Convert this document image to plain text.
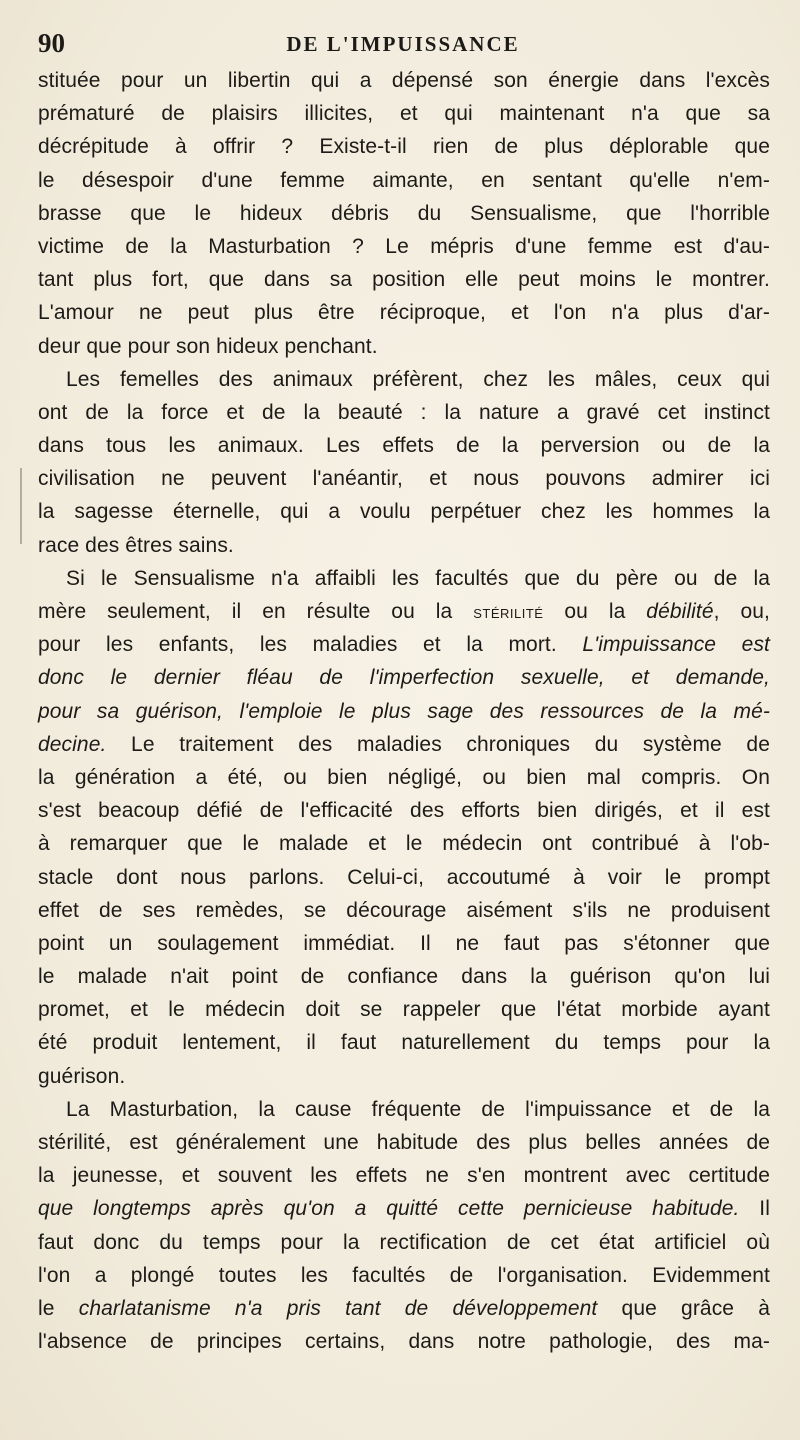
90	DE L'IMPUISSANCE
stituée pour un libertin qui a dépensé son énergie dans l'excès
prématuré de plaisirs illicites, et qui maintenant n'a que sa
décrépitude à offrir ? Existe-t-il rien de plus déplorable que
le désespoir d'une femme aimante, en sentant qu'elle n'em-
brasse que le hideux débris du Sensualisme, que l'horrible
victime de la Masturbation ? Le mépris d'une femme est d'au-
tant plus fort, que dans sa position elle peut moins le montrer.
L'amour ne peut plus être réciproque, et l'on n'a plus d'ar-
deur que pour son hideux penchant.
Les femelles des animaux préfèrent, chez les mâles, ceux qui
ont de la force et de la beauté : la nature a gravé cet instinct
dans tous les animaux. Les effets de la perversion ou de la
civilisation ne peuvent l'anéantir, et nous pouvons admirer ici
la sagesse éternelle, qui a voulu perpétuer chez les hommes la
race des êtres sains.
Si le Sensualisme n'a affaibli les facultés que du père ou de la
mère seulement, il en résulte ou la stérilité ou la débilité, ou,
pour les enfants, les maladies et la mort. L'impuissance est
donc le dernier fléau de l'imperfection sexuelle, et demande,
pour sa guérison, l'emploie le plus sage des ressources de la mé-
decine. Le traitement des maladies chroniques du système de
la génération a été, ou bien négligé, ou bien mal compris. On
s'est beacoup défié de l'efficacité des efforts bien dirigés, et il est
à remarquer que le malade et le médecin ont contribué à l'ob-
stacle dont nous parlons. Celui-ci, accoutumé à voir le prompt
effet de ses remèdes, se décourage aisément s'ils ne produisent
point un soulagement immédiat. Il ne faut pas s'étonner que
le malade n'ait point de confiance dans la guérison qu'on lui
promet, et le médecin doit se rappeler que l'état morbide ayant
été produit lentement, il faut naturellement du temps pour la
guérison.
La Masturbation, la cause fréquente de l'impuissance et de la
stérilité, est généralement une habitude des plus belles années de
la jeunesse, et souvent les effets ne s'en montrent avec certitude
que longtemps après qu'on a quitté cette pernicieuse habitude. Il
faut donc du temps pour la rectification de cet état artificiel où
l'on a plongé toutes les facultés de l'organisation. Evidemment
le charlatanisme n'a pris tant de développement que grâce à
l'absence de principes certains, dans notre pathologie, des ma-
